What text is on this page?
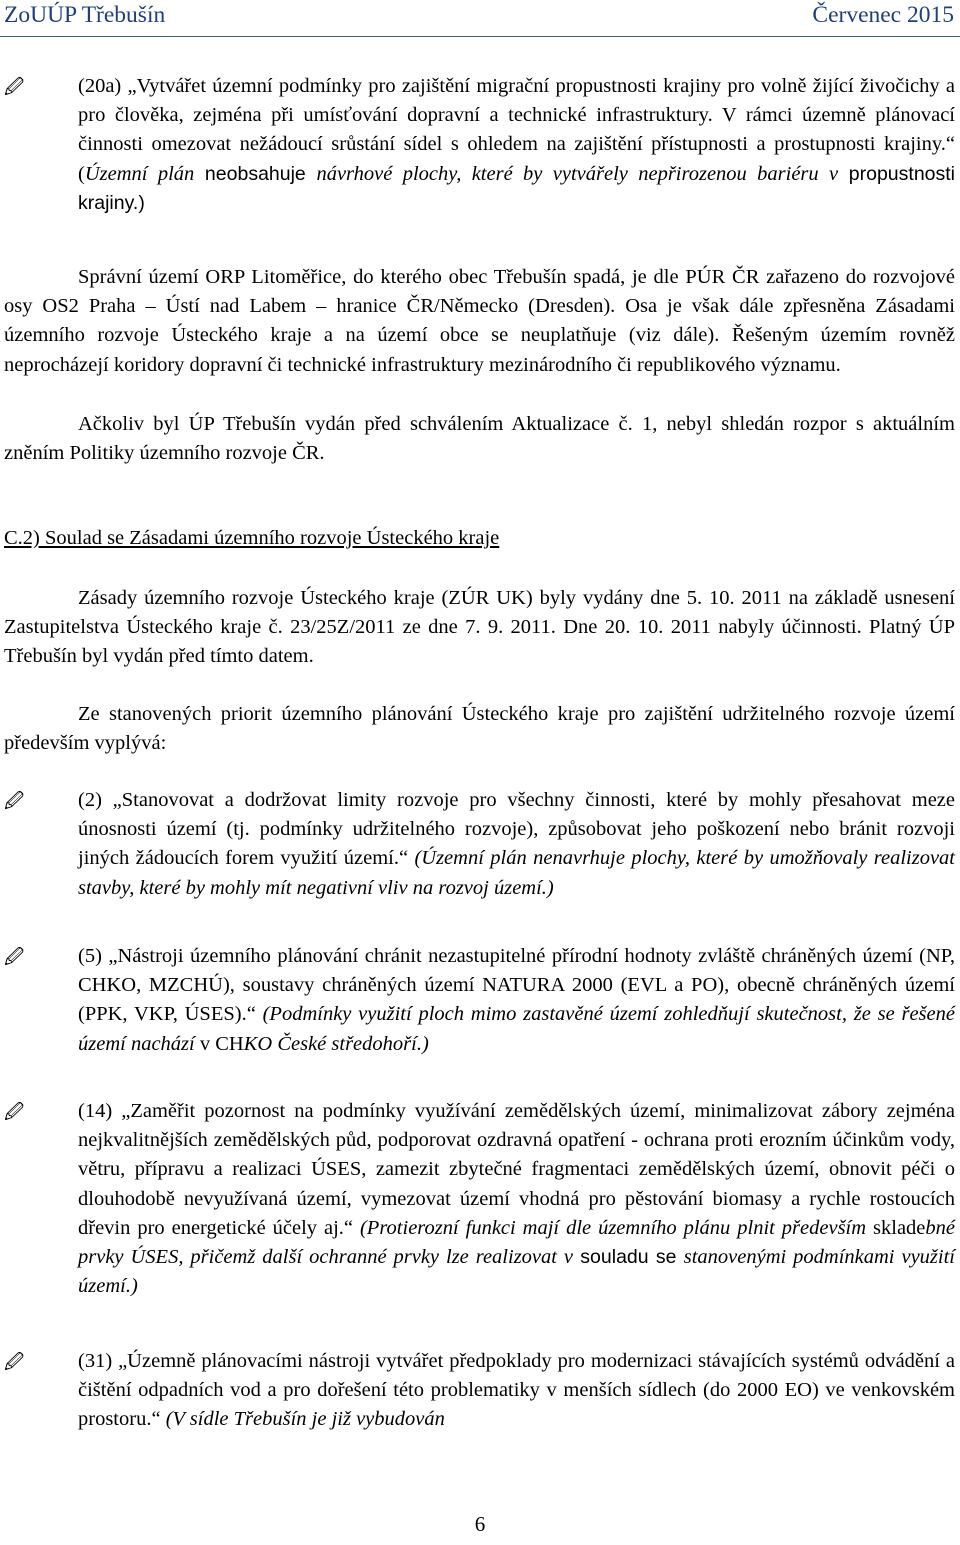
ZoUÚP Třebušín	Červenec 2015
🖉	(20a) „Vytvářet územní podmínky pro zajištění migrační propustnosti krajiny pro volně žijící živočichy a pro člověka, zejména při umísťování dopravní a technické infrastruktury. V rámci územně plánovací činnosti omezovat nežádoucí srůstání sídel s ohledem na zajištění přístupnosti a prostupnosti krajiny.“ (Územní plán neobsahuje návrhové plochy, které by vytvářely nepřirozenou bariéru v propustnosti krajiny.)

Správní území ORP Litoměřice, do kterého obec Třebušín spadá, je dle PÚR ČR zařazeno do rozvojové osy OS2 Praha – Ústí nad Labem – hranice ČR/Německo (Dresden). Osa je však dále zpřesněna Zásadami územního rozvoje Ústeckého kraje a na území obce se neuplatňuje (viz dále). Řešeným územím rovněž neprocházejí koridory dopravní či technické infrastruktury mezinárodního či republikového významu.

Ačkoliv byl ÚP Třebušín vydán před schválením Aktualizace č. 1, nebyl shledán rozpor s aktuálním zněním Politiky územního rozvoje ČR.

C.2) Soulad se Zásadami územního rozvoje Ústeckého kraje

Zásady územního rozvoje Ústeckého kraje (ZÚR UK) byly vydány dne 5. 10. 2011 na základě usnesení Zastupitelstva Ústeckého kraje č. 23/25Z/2011 ze dne 7. 9. 2011. Dne 20. 10. 2011 nabyly účinnosti. Platný ÚP Třebušín byl vydán před tímto datem.

Ze stanovených priorit územního plánování Ústeckého kraje pro zajištění udržitelného rozvoje území především vyplývá:

🖉	(2) „Stanovovat a dodržovat limity rozvoje pro všechny činnosti, které by mohly přesahovat meze únosnosti území (tj. podmínky udržitelného rozvoje), způsobovat jeho poškození nebo bránit rozvoji jiných žádoucích forem využití území.“ (Územní plán nenavrhuje plochy, které by umožňovaly realizovat stavby, které by mohly mít negativní vliv na rozvoj území.)
🖉	(5) „Nástroji územního plánování chránit nezastupitelné přírodní hodnoty zvláště chráněných území (NP, CHKO, MZCHÚ), soustavy chráněných území NATURA 2000 (EVL a PO), obecně chráněných území (PPK, VKP, ÚSES).“ (Podmínky využití ploch mimo zastavěné území zohledňují skutečnost, že se řešené území nachází v CHKO České středohoří.)
🖉	(14) „Zaměřit pozornost na podmínky využívání zemědělských území, minimalizovat zábory zejména nejkvalitnějších zemědělských půd, podporovat ozdravná opatření - ochrana proti erozním účinkům vody, větru, přípravu a realizaci ÚSES, zamezit zbytečné fragmentaci zemědělských území, obnovit péči o dlouhodobě nevyužívaná území, vymezovat území vhodná pro pěstování biomasy a rychle rostoucích dřevin pro energetické účely aj.“ (Protierozní funkci mají dle územního plánu plnit především skladebné prvky ÚSES, přičemž další ochranné prvky lze realizovat v souladu se stanovenými podmínkami využití území.)
🖉	(31) „Územně plánovacími nástroji vytvářet předpoklady pro modernizaci stávajících systémů odvádění a čištění odpadních vod a pro dořešení této problematiky v menších sídlech (do 2000 EO) ve venkovském prostoru.“ (V sídle Třebušín je již vybudován
6
